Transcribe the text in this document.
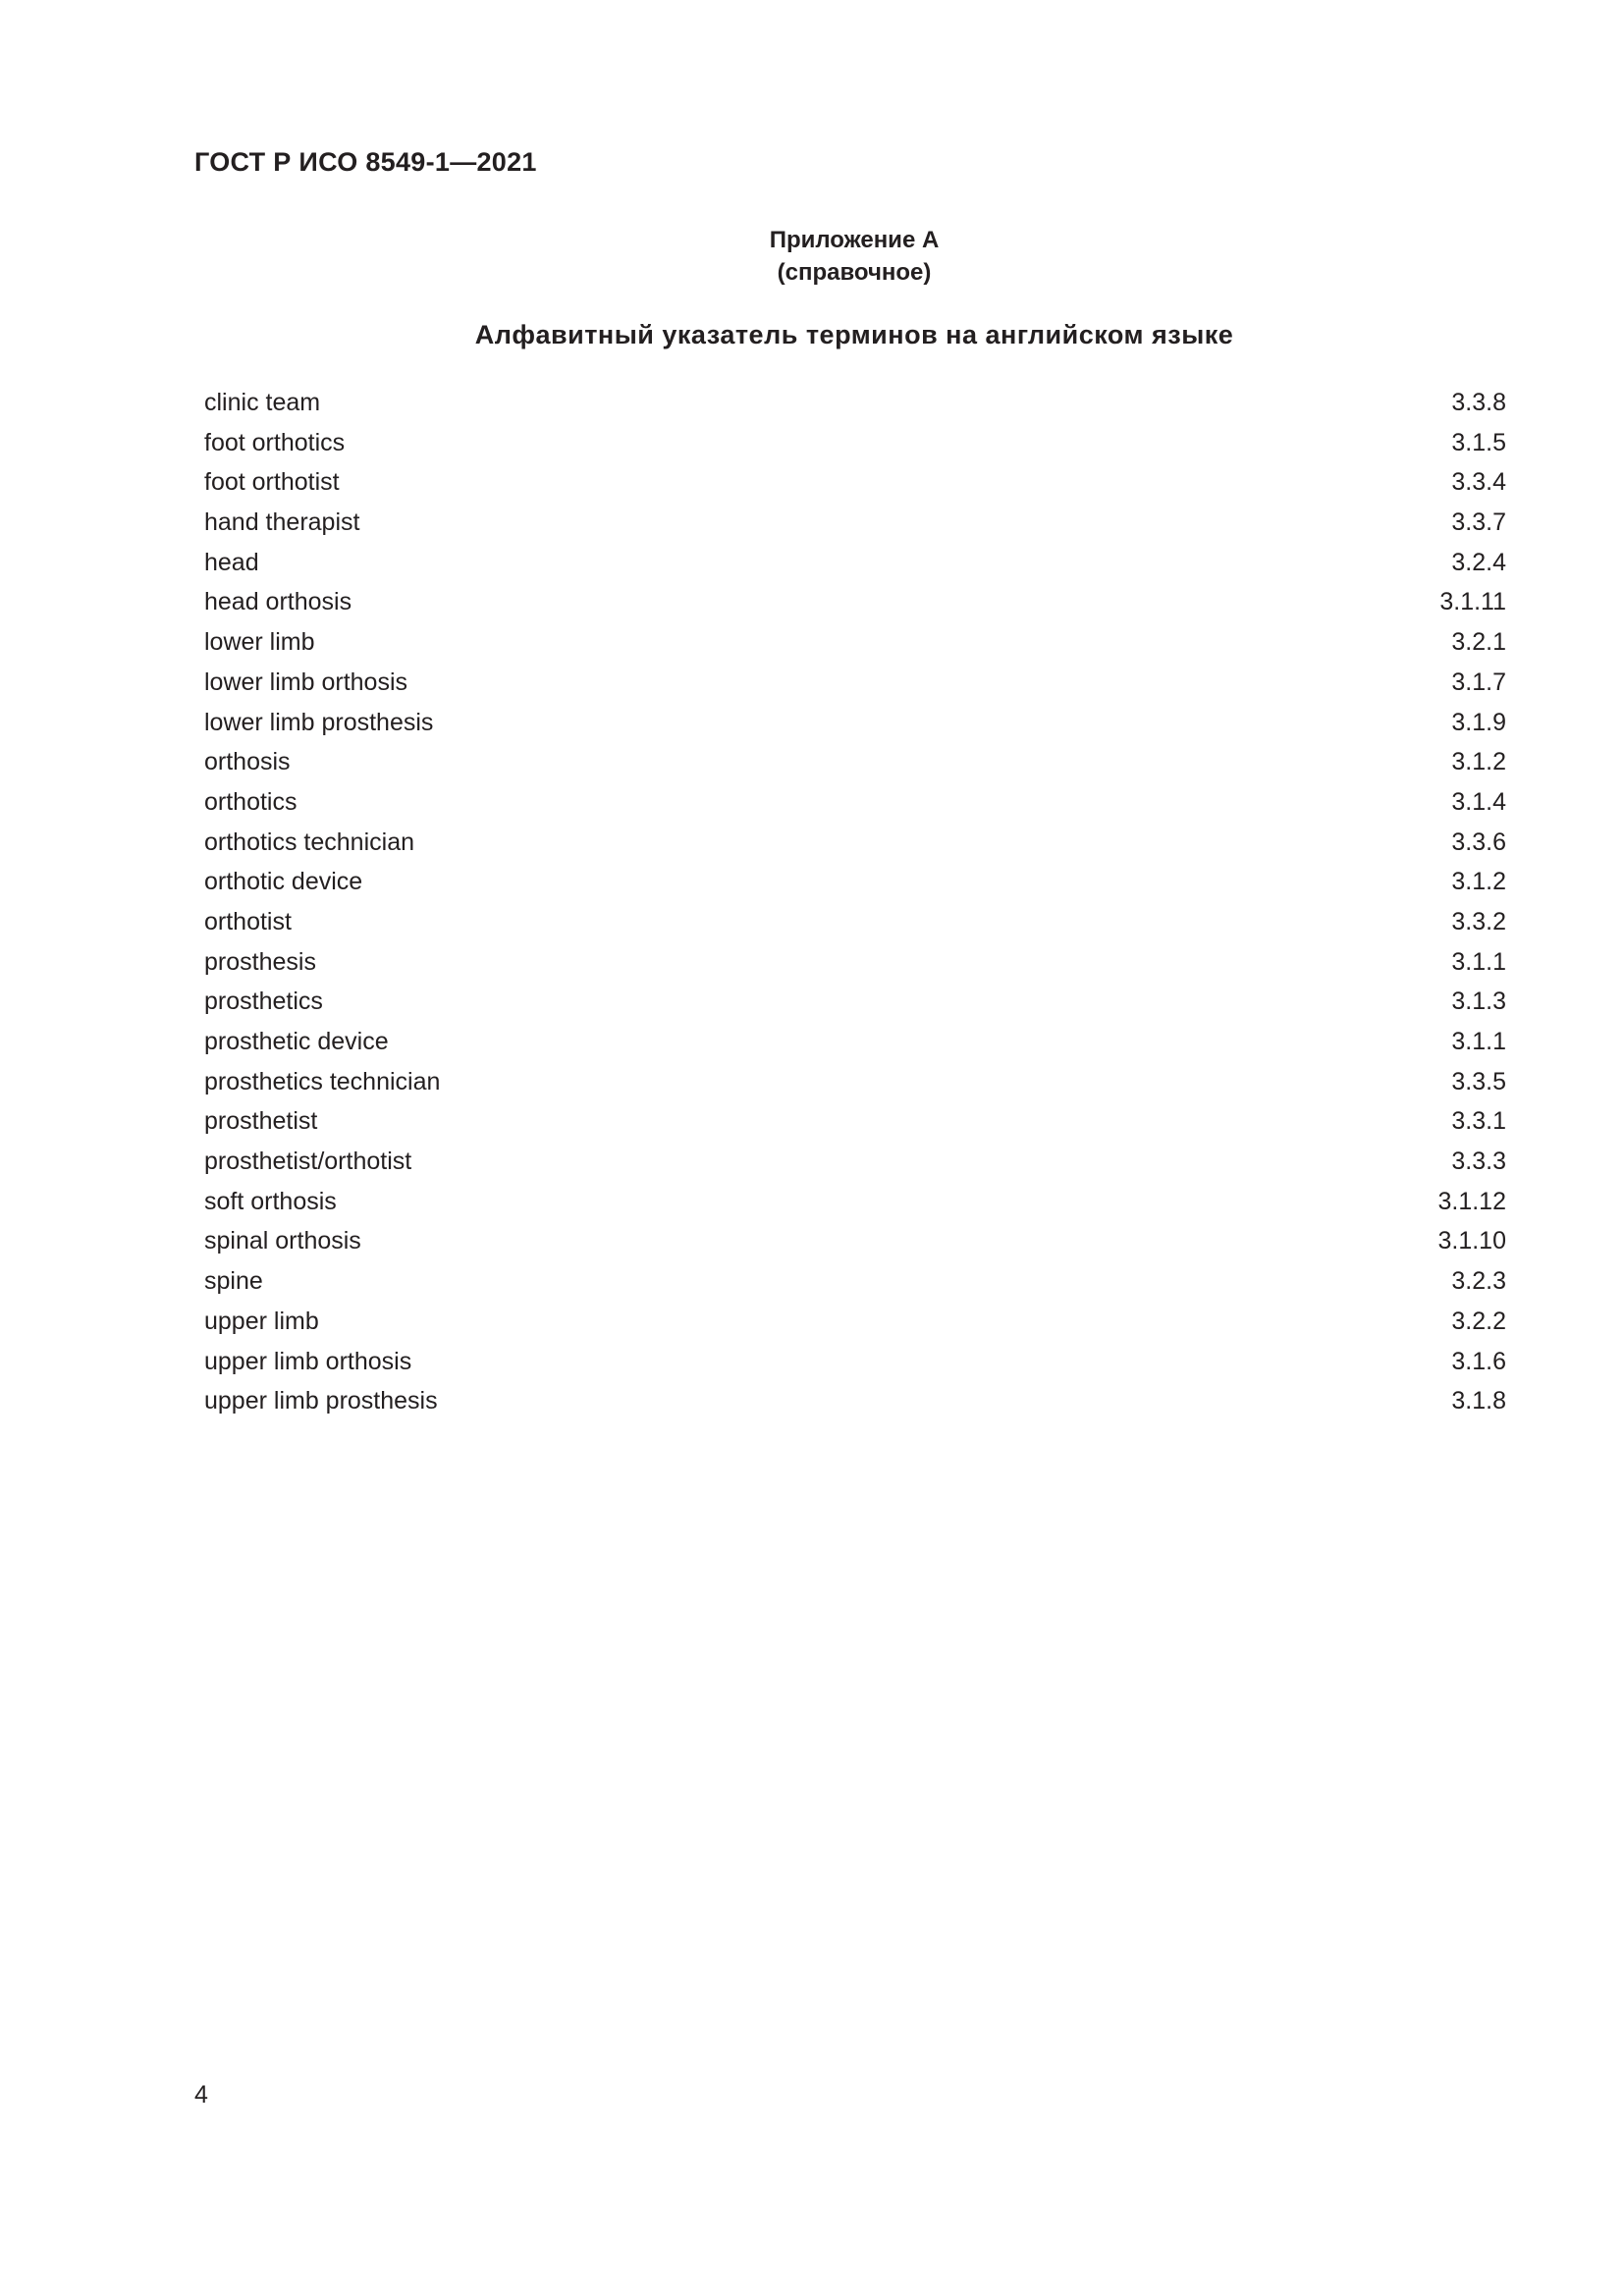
ГОСТ Р ИСО 8549-1—2021
Приложение А
(справочное)
Алфавитный указатель терминов на английском языке
clinic team	3.3.8
foot orthotics	3.1.5
foot orthotist	3.3.4
hand therapist	3.3.7
head	3.2.4
head orthosis	3.1.11
lower limb	3.2.1
lower limb orthosis	3.1.7
lower limb prosthesis	3.1.9
orthosis	3.1.2
orthotics	3.1.4
orthotics technician	3.3.6
orthotic device	3.1.2
orthotist	3.3.2
prosthesis	3.1.1
prosthetics	3.1.3
prosthetic device	3.1.1
prosthetics technician	3.3.5
prosthetist	3.3.1
prosthetist/orthotist	3.3.3
soft orthosis	3.1.12
spinal orthosis	3.1.10
spine	3.2.3
upper limb	3.2.2
upper limb orthosis	3.1.6
upper limb prosthesis	3.1.8
4
